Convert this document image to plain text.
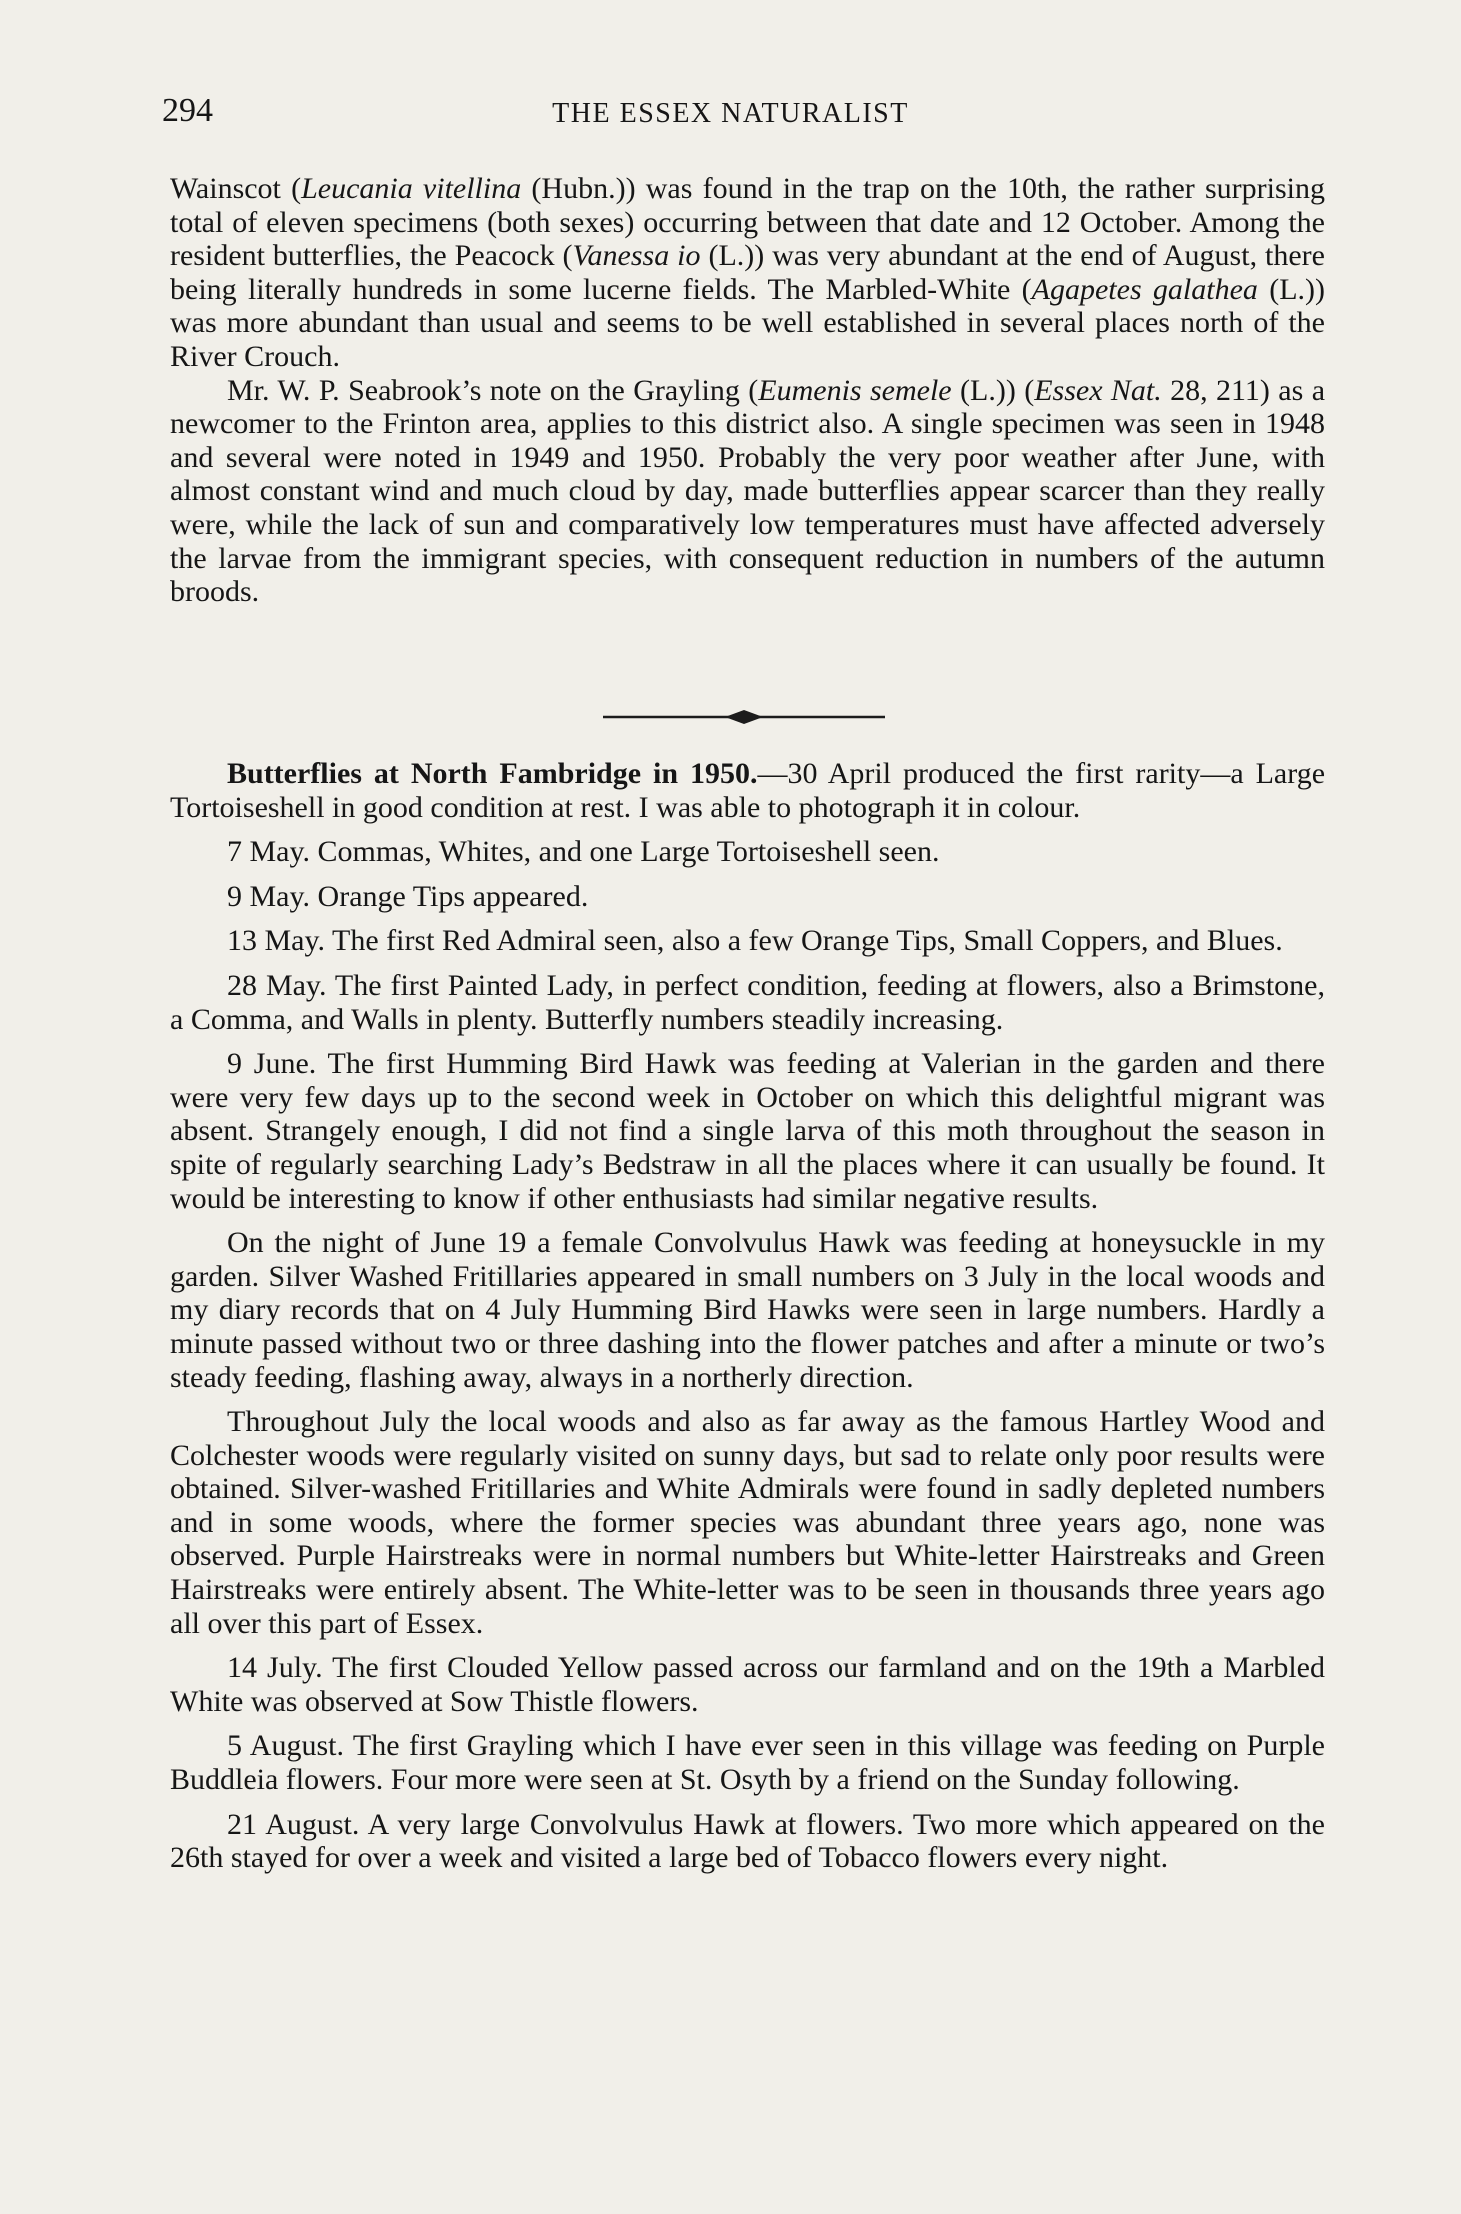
294	THE ESSEX NATURALIST

Wainscot (Leucania vitellina (Hubn.)) was found in the trap on the 10th, the rather surprising total of eleven specimens (both sexes) occurring between that date and 12 October. Among the resident butterflies, the Peacock (Vanessa io (L.)) was very abundant at the end of August, there being literally hundreds in some lucerne fields. The Marbled-White (Agapetes galathea (L.)) was more abundant than usual and seems to be well established in several places north of the River Crouch.

Mr. W. P. Seabrook’s note on the Grayling (Eumenis semele (L.)) (Essex Nat. 28, 211) as a newcomer to the Frinton area, applies to this district also. A single specimen was seen in 1948 and several were noted in 1949 and 1950. Probably the very poor weather after June, with almost constant wind and much cloud by day, made butterflies appear scarcer than they really were, while the lack of sun and comparatively low temperatures must have affected adversely the larvae from the immigrant species, with consequent reduction in numbers of the autumn broods.

Butterflies at North Fambridge in 1950.—30 April produced the first rarity—a Large Tortoiseshell in good condition at rest. I was able to photograph it in colour.

7 May. Commas, Whites, and one Large Tortoiseshell seen.

9 May. Orange Tips appeared.

13 May. The first Red Admiral seen, also a few Orange Tips, Small Coppers, and Blues.

28 May. The first Painted Lady, in perfect condition, feeding at flowers, also a Brimstone, a Comma, and Walls in plenty. Butterfly numbers steadily increasing.

9 June. The first Humming Bird Hawk was feeding at Valerian in the garden and there were very few days up to the second week in October on which this delightful migrant was absent. Strangely enough, I did not find a single larva of this moth throughout the season in spite of regularly searching Lady’s Bedstraw in all the places where it can usually be found. It would be interesting to know if other enthusiasts had similar negative results.

On the night of June 19 a female Convolvulus Hawk was feeding at honeysuckle in my garden. Silver Washed Fritillaries appeared in small numbers on 3 July in the local woods and my diary records that on 4 July Humming Bird Hawks were seen in large numbers. Hardly a minute passed without two or three dashing into the flower patches and after a minute or two’s steady feeding, flashing away, always in a northerly direction.

Throughout July the local woods and also as far away as the famous Hartley Wood and Colchester woods were regularly visited on sunny days, but sad to relate only poor results were obtained. Silver-washed Fritillaries and White Admirals were found in sadly depleted numbers and in some woods, where the former species was abundant three years ago, none was observed. Purple Hairstreaks were in normal numbers but White-letter Hairstreaks and Green Hairstreaks were entirely absent. The White-letter was to be seen in thousands three years ago all over this part of Essex.

14 July. The first Clouded Yellow passed across our farmland and on the 19th a Marbled White was observed at Sow Thistle flowers.

5 August. The first Grayling which I have ever seen in this village was feeding on Purple Buddleia flowers. Four more were seen at St. Osyth by a friend on the Sunday following.

21 August. A very large Convolvulus Hawk at flowers. Two more which appeared on the 26th stayed for over a week and visited a large bed of Tobacco flowers every night.
